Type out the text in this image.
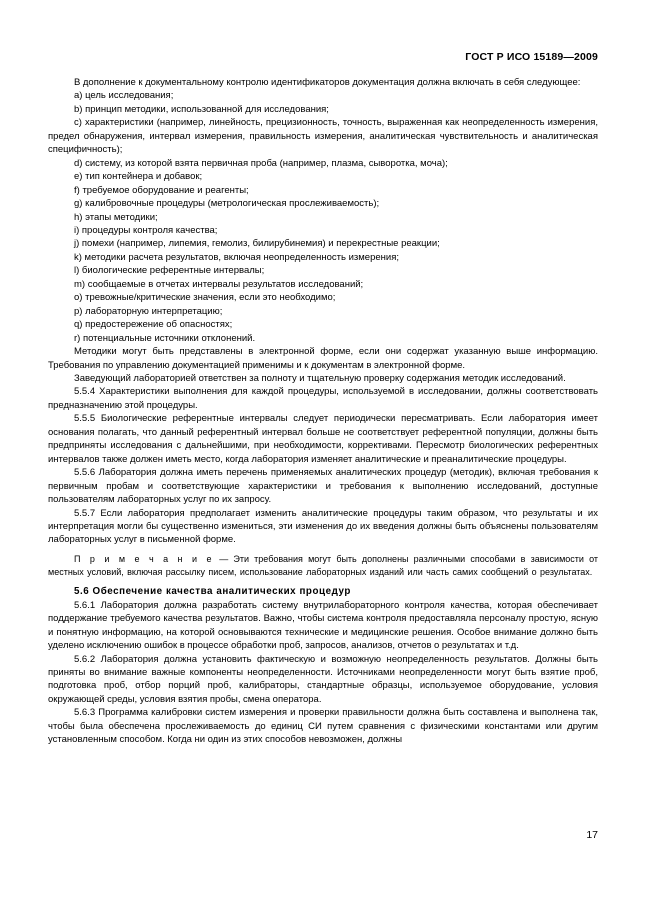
ГОСТ Р ИСО 15189—2009

В дополнение к документальному контролю идентификаторов документация должна включать в себя следующее:

a) цель исследования;

b) принцип методики, использованной для исследования;

c) характеристики (например, линейность, прецизионность, точность, выраженная как неопределенность измерения, предел обнаружения, интервал измерения, правильность измерения, аналитическая чувствительность и аналитическая специфичность);

d) систему, из которой взята первичная проба (например, плазма, сыворотка, моча);

e) тип контейнера и добавок;

f) требуемое оборудование и реагенты;

g) калибровочные процедуры (метрологическая прослеживаемость);

h) этапы методики;

i) процедуры контроля качества;

j) помехи (например, липемия, гемолиз, билирубинемия) и перекрестные реакции;

k) методики расчета результатов, включая неопределенность измерения;

l) биологические референтные интервалы;

m) сообщаемые в отчетах интервалы результатов исследований;

o) тревожные/критические значения, если это необходимо;

p) лабораторную интерпретацию;

q) предостережение об опасностях;

r) потенциальные источники отклонений.

Методики могут быть представлены в электронной форме, если они содержат указанную выше информацию. Требования по управлению документацией применимы и к документам в электронной форме.

Заведующий лабораторией ответствен за полноту и тщательную проверку содержания методик исследований.

5.5.4 Характеристики выполнения для каждой процедуры, используемой в исследовании, должны соответствовать предназначению этой процедуры.

5.5.5 Биологические референтные интервалы следует периодически пересматривать. Если лаборатория имеет основания полагать, что данный референтный интервал больше не соответствует референтной популяции, должны быть предприняты исследования с дальнейшими, при необходимости, коррективами. Пересмотр биологических референтных интервалов также должен иметь место, когда лаборатория изменяет аналитические и преаналитические процедуры.

5.5.6 Лаборатория должна иметь перечень применяемых аналитических процедур (методик), включая требования к первичным пробам и соответствующие характеристики и требования к выполнению исследований, доступные пользователям лабораторных услуг по их запросу.

5.5.7 Если лаборатория предполагает изменить аналитические процедуры таким образом, что результаты и их интерпретация могли бы существенно измениться, эти изменения до их введения должны быть объяснены пользователям лабораторных услуг в письменной форме.

П р и м е ч а н и е — Эти требования могут быть дополнены различными способами в зависимости от местных условий, включая рассылку писем, использование лабораторных изданий или часть самих сообщений о результатах.

5.6 Обеспечение качества аналитических процедур

5.6.1 Лаборатория должна разработать систему внутрилабораторного контроля качества, которая обеспечивает поддержание требуемого качества результатов. Важно, чтобы система контроля предоставляла персоналу простую, ясную и понятную информацию, на которой основываются технические и медицинские решения. Особое внимание должно быть уделено исключению ошибок в процессе обработки проб, запросов, анализов, отчетов о результатах и т.д.

5.6.2 Лаборатория должна установить фактическую и возможную неопределенность результатов. Должны быть приняты во внимание важные компоненты неопределенности. Источниками неопределенности могут быть взятие проб, подготовка проб, отбор порций проб, калибраторы, стандартные образцы, используемое оборудование, условия окружающей среды, условия взятия пробы, смена оператора.

5.6.3 Программа калибровки систем измерения и проверки правильности должна быть составлена и выполнена так, чтобы была обеспечена прослеживаемость до единиц СИ путем сравнения с физическими константами или другим установленным способом. Когда ни один из этих способов невозможен, должны

17
